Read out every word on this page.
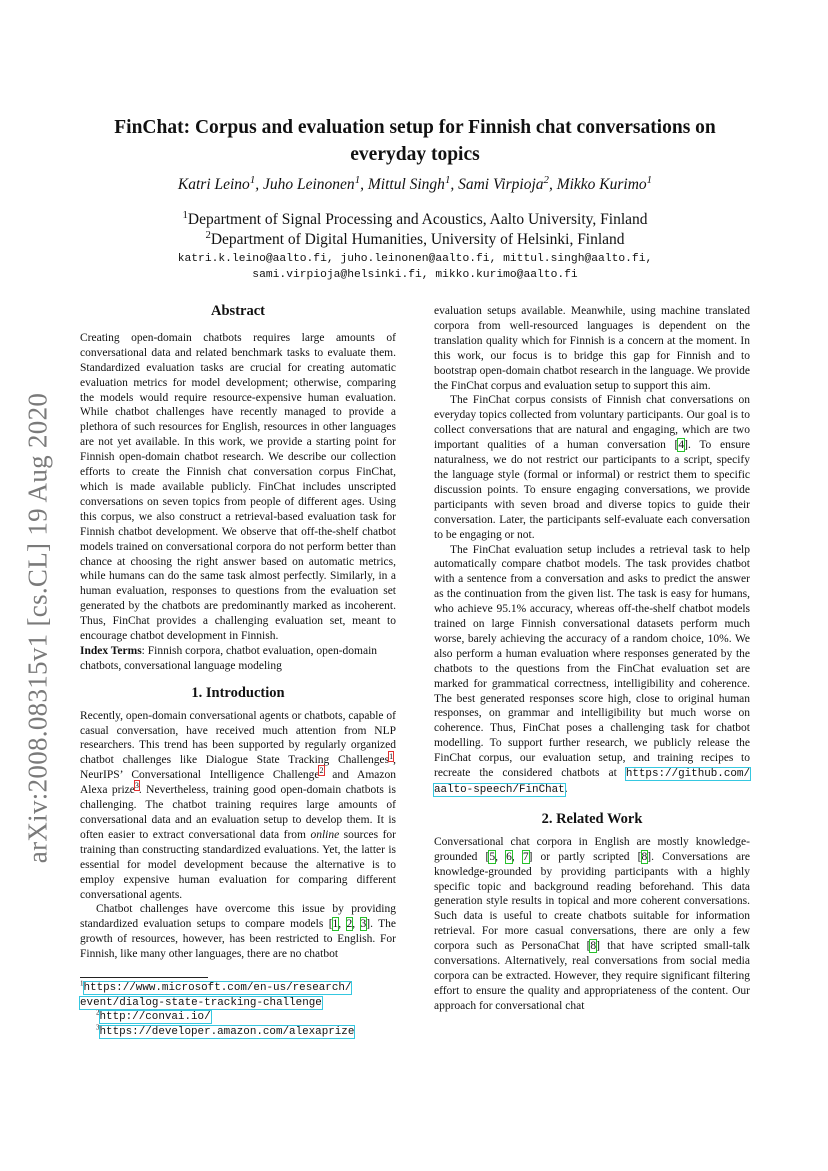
arXiv:2008.08315v1 [cs.CL] 19 Aug 2020
FinChat: Corpus and evaluation setup for Finnish chat conversations on everyday topics
Katri Leino$^1$, Juho Leinonen$^1$, Mittul Singh$^1$, Sami Virpioja$^2$, Mikko Kurimo$^1$
$^1$Department of Signal Processing and Acoustics, Aalto University, Finland
$^2$Department of Digital Humanities, University of Helsinki, Finland
katri.k.leino@aalto.fi, juho.leinonen@aalto.fi, mittul.singh@aalto.fi,
sami.virpioja@helsinki.fi, mikko.kurimo@aalto.fi
Abstract

Creating open-domain chatbots requires large amounts of conversational data and related benchmark tasks to evaluate them. Standardized evaluation tasks are crucial for creating automatic evaluation metrics for model development; otherwise, comparing the models would require resource-expensive human evaluation. While chatbot challenges have recently managed to provide a plethora of such resources for English, resources in other languages are not yet available. In this work, we provide a starting point for Finnish open-domain chatbot research. We describe our collection efforts to create the Finnish chat conversation corpus FinChat, which is made available publicly. FinChat includes unscripted conversations on seven topics from people of different ages. Using this corpus, we also construct a retrieval-based evaluation task for Finnish chatbot development. We observe that off-the-shelf chatbot models trained on conversational corpora do not perform better than chance at choosing the right answer based on automatic metrics, while humans can do the same task almost perfectly. Similarly, in a human evaluation, responses to questions from the evaluation set generated by the chatbots are predominantly marked as incoherent. Thus, FinChat provides a challenging evaluation set, meant to encourage chatbot development in Finnish.

Index Terms: Finnish corpora, chatbot evaluation, open-domain chatbots, conversational language modeling

1. Introduction

Recently, open-domain conversational agents or chatbots, capable of casual conversation, have received much attention from NLP researchers. This trend has been supported by regularly organized chatbot challenges like Dialogue State Tracking Challenges$^1$, NeurIPS’ Conversational Intelligence Challenge$^2$ and Amazon Alexa prize$^3$. Nevertheless, training good open-domain chatbots is challenging. The chatbot training requires large amounts of conversational data and an evaluation setup to develop them. It is often easier to extract conversational data from online sources for training than constructing standardized evaluations. Yet, the latter is essential for model development because the alternative is to employ expensive human evaluation for comparing different conversational agents.

Chatbot challenges have overcome this issue by providing standardized evaluation setups to compare models [1, 2, 3]. The growth of resources, however, has been restricted to English. For Finnish, like many other languages, there are no chatbot

$^1$https://www.microsoft.com/en-us/research/
event/dialog-state-tracking-challenge
$^2$http://convai.io/
$^3$https://developer.amazon.com/alexaprize

evaluation setups available. Meanwhile, using machine translated corpora from well-resourced languages is dependent on the translation quality which for Finnish is a concern at the moment. In this work, our focus is to bridge this gap for Finnish and to bootstrap open-domain chatbot research in the language. We provide the FinChat corpus and evaluation setup to support this aim.

The FinChat corpus consists of Finnish chat conversations on everyday topics collected from voluntary participants. Our goal is to collect conversations that are natural and engaging, which are two important qualities of a human conversation [4]. To ensure naturalness, we do not restrict our participants to a script, specify the language style (formal or informal) or restrict them to specific discussion points. To ensure engaging conversations, we provide participants with seven broad and diverse topics to guide their conversation. Later, the participants self-evaluate each conversation to be engaging or not.

The FinChat evaluation setup includes a retrieval task to help automatically compare chatbot models. The task provides chatbot with a sentence from a conversation and asks to predict the answer as the continuation from the given list. The task is easy for humans, who achieve 95.1% accuracy, whereas off-the-shelf chatbot models trained on large Finnish conversational datasets perform much worse, barely achieving the accuracy of a random choice, 10%. We also perform a human evaluation where responses generated by the chatbots to the questions from the FinChat evaluation set are marked for grammatical correctness, intelligibility and coherence. The best generated responses score high, close to original human responses, on grammar and intelligibility but much worse on coherence. Thus, FinChat poses a challenging task for chatbot modelling. To support further research, we publicly release the FinChat corpus, our evaluation setup, and training recipes to recreate the considered chatbots at https://github.com/ aalto-speech/FinChat.

2. Related Work

Conversational chat corpora in English are mostly knowledge-grounded [5, 6, 7] or partly scripted [8]. Conversations are knowledge-grounded by providing participants with a highly specific topic and background reading beforehand. This data generation style results in topical and more coherent conversations. Such data is useful to create chatbots suitable for information retrieval. For more casual conversations, there are only a few corpora such as PersonaChat [8] that have scripted small-talk conversations. Alternatively, real conversations from social media corpora can be extracted. However, they require significant filtering effort to ensure the quality and appropriateness of the content. Our approach for conversational chat
